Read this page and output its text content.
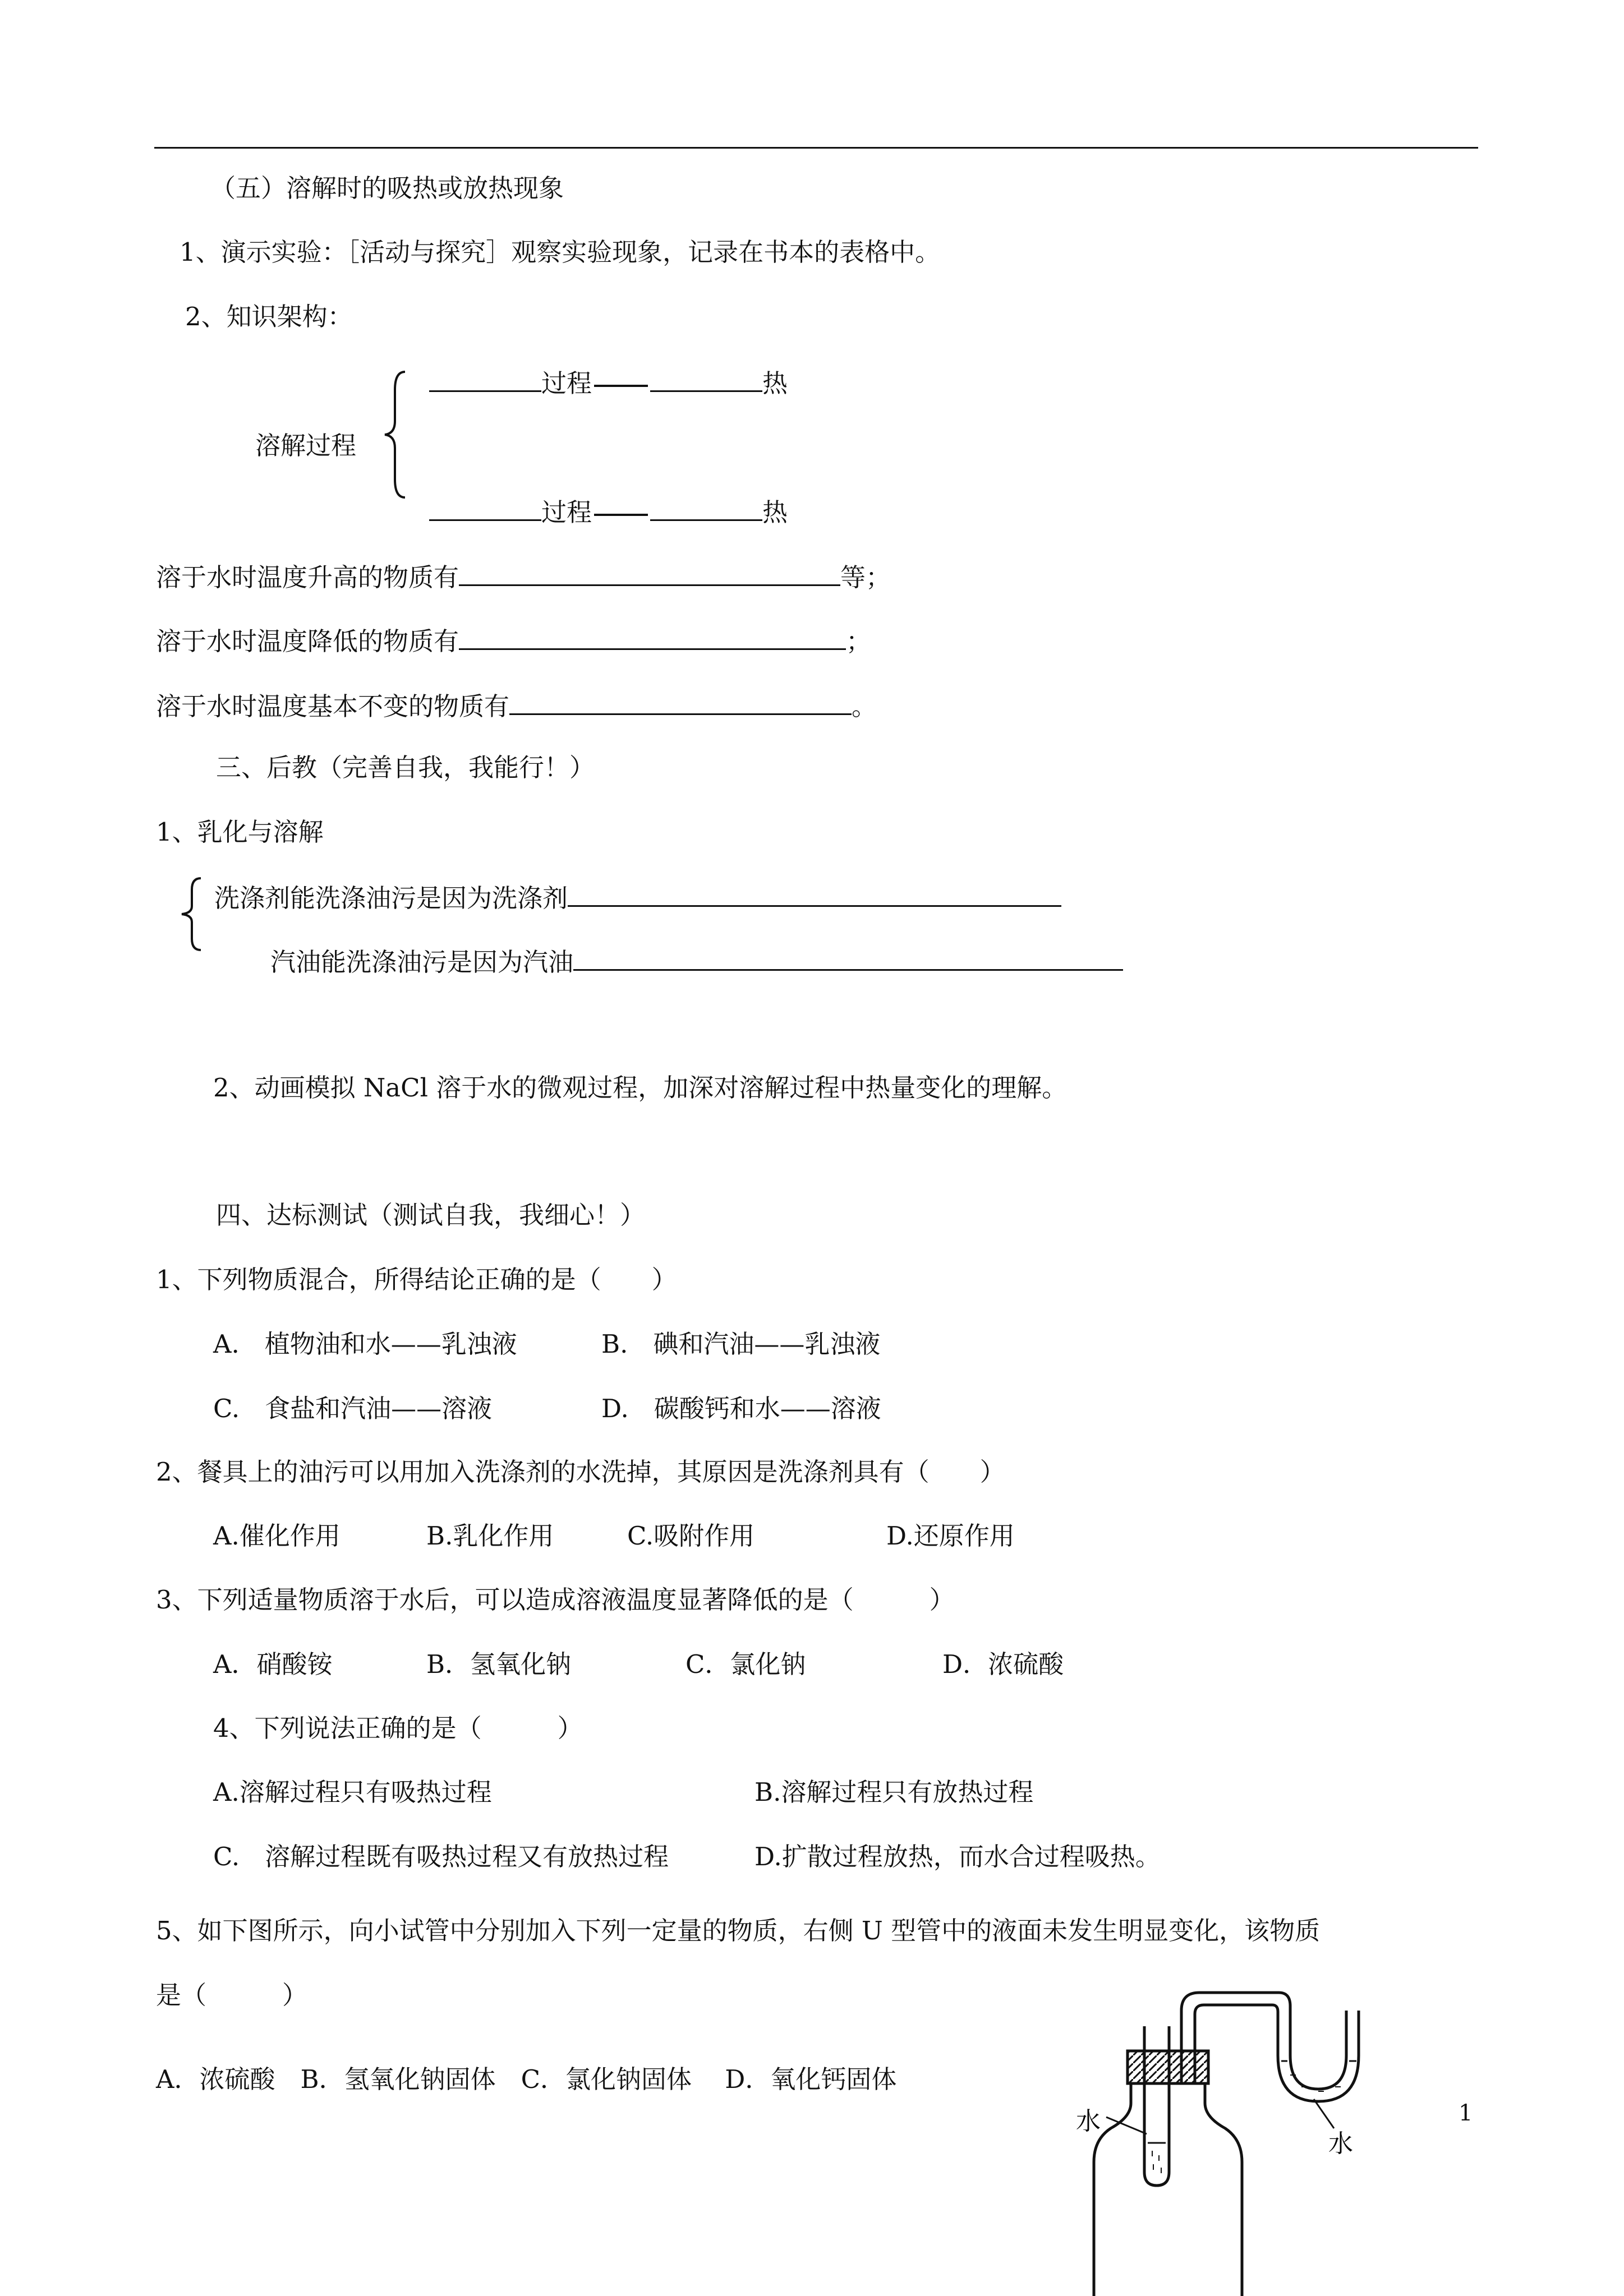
（五）溶解时的吸热或放热现象
1、演示实验：［活动与探究］观察实验现象，记录在书本的表格中。
2、知识架构：
过程	热
溶解过程
过程	热
溶于水时温度升高的物质有	等；
溶于水时温度降低的物质有	；
溶于水时温度基本不变的物质有	。
三、后教（完善自我，我能行！）
1、乳化与溶解
洗涤剂能洗涤油污是因为洗涤剂
汽油能洗涤油污是因为汽油
2、动画模拟 NaCl 溶于水的微观过程，加深对溶解过程中热量变化的理解。
四、达标测试（测试自我，我细心！）
1、下列物质混合，所得结论正确的是（　　）
A.　植物油和水——乳浊液	B.　碘和汽油——乳浊液
C.　食盐和汽油——溶液	D.　碳酸钙和水——溶液
2、餐具上的油污可以用加入洗涤剂的水洗掉，其原因是洗涤剂具有（　　）
A.催化作用	B.乳化作用	C.吸附作用	D.还原作用
3、下列适量物质溶于水后，可以造成溶液温度显著降低的是（　　　）
A．硝酸铵	B．氢氧化钠	C．氯化钠	D．浓硫酸
4、下列说法正确的是（　　　）
A.溶解过程只有吸热过程	B.溶解过程只有放热过程
C.　溶解过程既有吸热过程又有放热过程	D.扩散过程放热，而水合过程吸热。
5、如下图所示，向小试管中分别加入下列一定量的物质，右侧 U 型管中的液面未发生明显变化，该物质
是（　　　）
A．浓硫酸　B．氢氧化钠固体　C．氯化钠固体　 D．氧化钙固体
水
水
1
